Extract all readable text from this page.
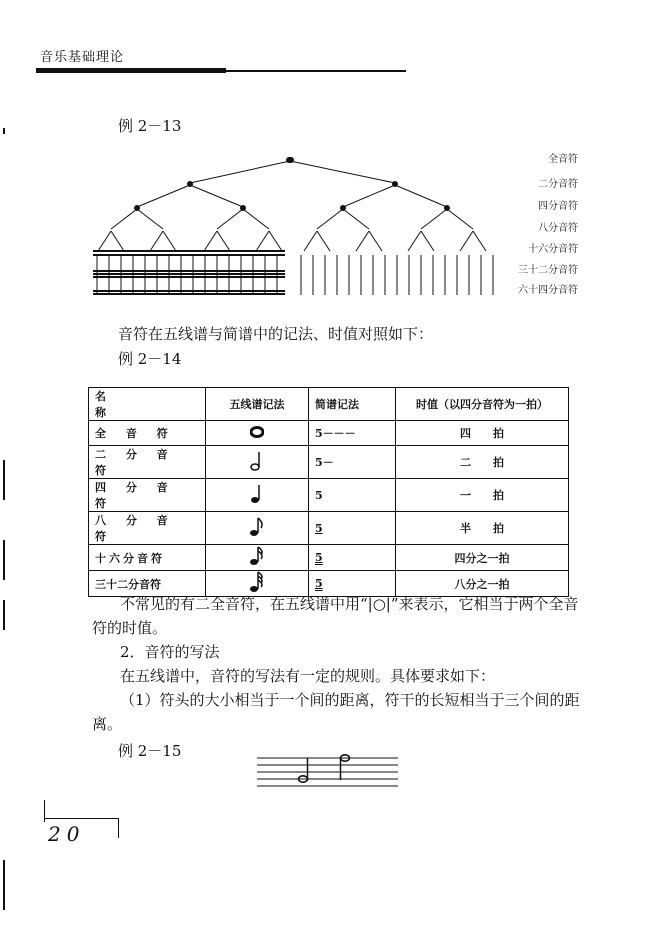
音乐基础理论
例 2－13
全音符
二分音符
四分音符
八分音符
十六分音符
三十二分音符
六十四分音符
音符在五线谱与简谱中的记法、时值对照如下：
例 2－14
名　　　　称	五线谱记法	简谱记法	时值（以四分音符为一拍）
全 音 符		5－－－	四　　拍
二 分 音 符		5－	二　　拍
四 分 音 符		5	一　　拍
八 分 音 符		5	半　　拍
十六分音符		5	四分之一拍
三十二分音符		5	八分之一拍
不常见的有二全音符，在五线谱中用“|○|”来表示，它相当于两个全音符的时值。
2．音符的写法
在五线谱中，音符的写法有一定的规则。具体要求如下：
（1）符头的大小相当于一个间的距离，符干的长短相当于三个间的距离。
例 2－15
20
